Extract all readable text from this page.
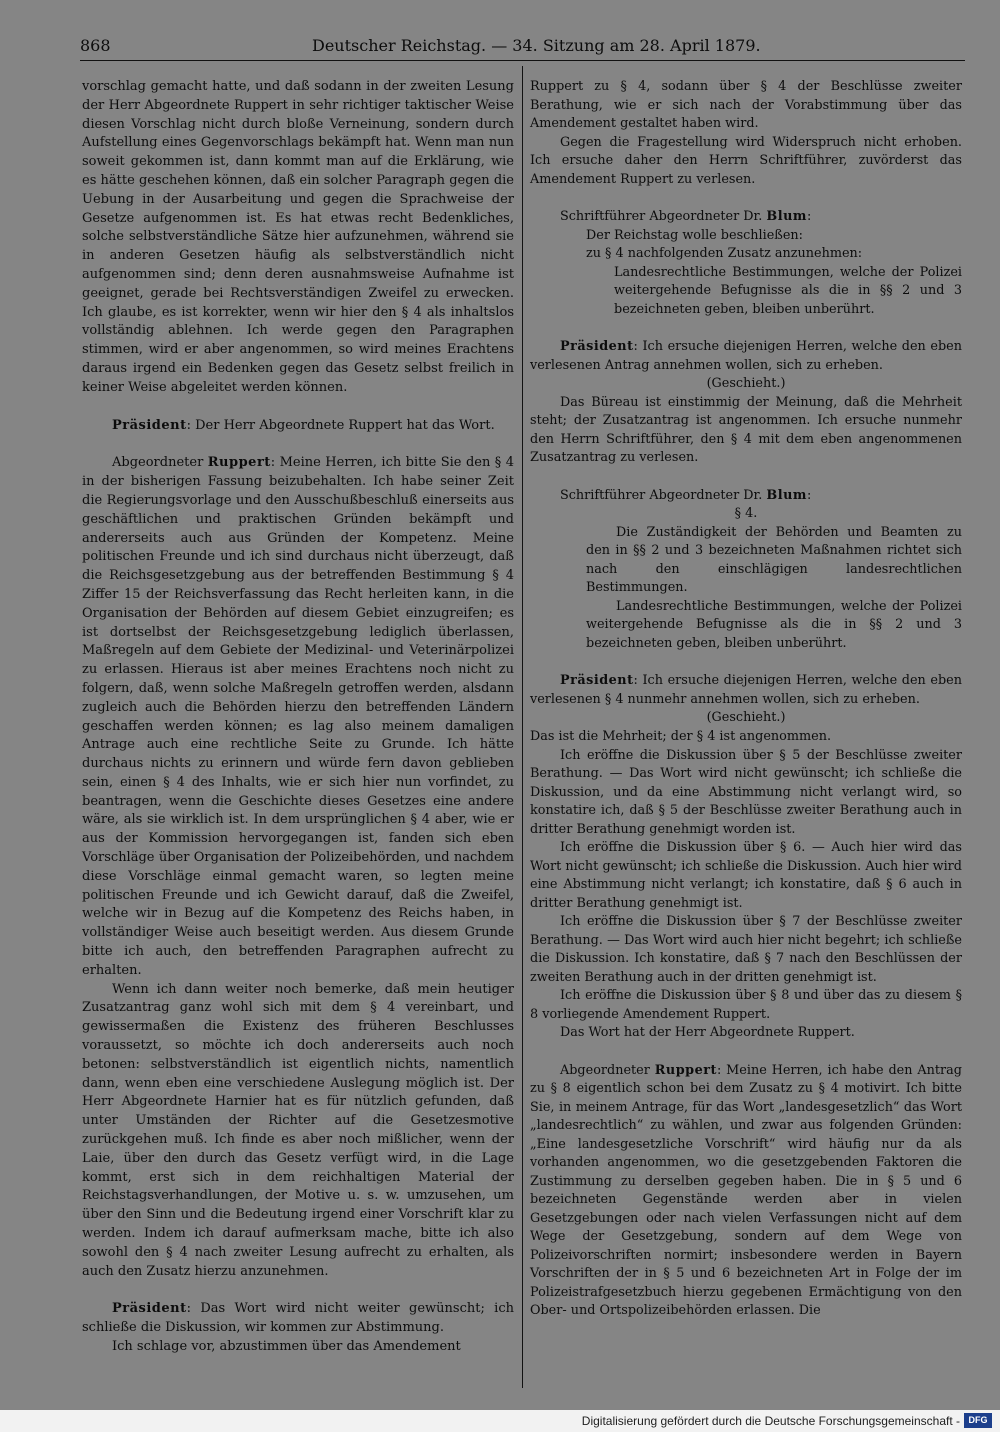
868	Deutscher Reichstag. — 34. Sitzung am 28. April 1879.

vorschlag gemacht hatte, und daß sodann in der zweiten Lesung der Herr Abgeordnete Ruppert in sehr richtiger taktischer Weise diesen Vorschlag nicht durch bloße Verneinung, sondern durch Aufstellung eines Gegenvorschlags bekämpft hat. Wenn man nun soweit gekommen ist, dann kommt man auf die Erklärung, wie es hätte geschehen können, daß ein solcher Paragraph gegen die Uebung in der Ausarbeitung und gegen die Sprachweise der Gesetze aufgenommen ist. Es hat etwas recht Bedenkliches, solche selbstverständliche Sätze hier aufzunehmen, während sie in anderen Gesetzen häufig als selbstverständlich nicht aufgenommen sind; denn deren ausnahmsweise Aufnahme ist geeignet, gerade bei Rechtsverständigen Zweifel zu erwecken. Ich glaube, es ist korrekter, wenn wir hier den § 4 als inhaltslos vollständig ablehnen. Ich werde gegen den Paragraphen stimmen, wird er aber angenommen, so wird meines Erachtens daraus irgend ein Bedenken gegen das Gesetz selbst freilich in keiner Weise abgeleitet werden können.

Präsident: Der Herr Abgeordnete Ruppert hat das Wort.

Abgeordneter Ruppert: Meine Herren, ich bitte Sie den § 4 in der bisherigen Fassung beizubehalten. Ich habe seiner Zeit die Regierungsvorlage und den Ausschußbeschluß einerseits aus geschäftlichen und praktischen Gründen bekämpft und andererseits auch aus Gründen der Kompetenz. Meine politischen Freunde und ich sind durchaus nicht überzeugt, daß die Reichsgesetzgebung aus der betreffenden Bestimmung § 4 Ziffer 15 der Reichsverfassung das Recht herleiten kann, in die Organisation der Behörden auf diesem Gebiet einzugreifen; es ist dortselbst der Reichsgesetzgebung lediglich überlassen, Maßregeln auf dem Gebiete der Medizinal- und Veterinärpolizei zu erlassen. Hieraus ist aber meines Erachtens noch nicht zu folgern, daß, wenn solche Maßregeln getroffen werden, alsdann zugleich auch die Behörden hierzu den betreffenden Ländern geschaffen werden können; es lag also meinem damaligen Antrage auch eine rechtliche Seite zu Grunde. Ich hätte durchaus nichts zu erinnern und würde fern davon geblieben sein, einen § 4 des Inhalts, wie er sich hier nun vorfindet, zu beantragen, wenn die Geschichte dieses Gesetzes eine andere wäre, als sie wirklich ist. In dem ursprünglichen § 4 aber, wie er aus der Kommission hervorgegangen ist, fanden sich eben Vorschläge über Organisation der Polizeibehörden, und nachdem diese Vorschläge einmal gemacht waren, so legten meine politischen Freunde und ich Gewicht darauf, daß die Zweifel, welche wir in Bezug auf die Kompetenz des Reichs haben, in vollständiger Weise auch beseitigt werden. Aus diesem Grunde bitte ich auch, den betreffenden Paragraphen aufrecht zu erhalten.

Wenn ich dann weiter noch bemerke, daß mein heutiger Zusatzantrag ganz wohl sich mit dem § 4 vereinbart, und gewissermaßen die Existenz des früheren Beschlusses voraussetzt, so möchte ich doch andererseits auch noch betonen: selbstverständlich ist eigentlich nichts, namentlich dann, wenn eben eine verschiedene Auslegung möglich ist. Der Herr Abgeordnete Harnier hat es für nützlich gefunden, daß unter Umständen der Richter auf die Gesetzesmotive zurückgehen muß. Ich finde es aber noch mißlicher, wenn der Laie, über den durch das Gesetz verfügt wird, in die Lage kommt, erst sich in dem reichhaltigen Material der Reichstagsverhandlungen, der Motive u. s. w. umzusehen, um über den Sinn und die Bedeutung irgend einer Vorschrift klar zu werden. Indem ich darauf aufmerksam mache, bitte ich also sowohl den § 4 nach zweiter Lesung aufrecht zu erhalten, als auch den Zusatz hierzu anzunehmen.

Präsident: Das Wort wird nicht weiter gewünscht; ich schließe die Diskussion, wir kommen zur Abstimmung.

Ich schlage vor, abzustimmen über das Amendement

Ruppert zu § 4, sodann über § 4 der Beschlüsse zweiter Berathung, wie er sich nach der Vorabstimmung über das Amendement gestaltet haben wird.

Gegen die Fragestellung wird Widerspruch nicht erhoben. Ich ersuche daher den Herrn Schriftführer, zuvörderst das Amendement Ruppert zu verlesen.

Schriftführer Abgeordneter Dr. Blum:

Der Reichstag wolle beschließen:

zu § 4 nachfolgenden Zusatz anzunehmen:

Landesrechtliche Bestimmungen, welche der Polizei weitergehende Befugnisse als die in §§ 2 und 3 bezeichneten geben, bleiben unberührt.

Präsident: Ich ersuche diejenigen Herren, welche den eben verlesenen Antrag annehmen wollen, sich zu erheben.

(Geschieht.)

Das Büreau ist einstimmig der Meinung, daß die Mehrheit steht; der Zusatzantrag ist angenommen. Ich ersuche nunmehr den Herrn Schriftführer, den § 4 mit dem eben angenommenen Zusatzantrag zu verlesen.

Schriftführer Abgeordneter Dr. Blum:

§ 4.

Die Zuständigkeit der Behörden und Beamten zu den in §§ 2 und 3 bezeichneten Maßnahmen richtet sich nach den einschlägigen landesrechtlichen Bestimmungen.

Landesrechtliche Bestimmungen, welche der Polizei weitergehende Befugnisse als die in §§ 2 und 3 bezeichneten geben, bleiben unberührt.

Präsident: Ich ersuche diejenigen Herren, welche den eben verlesenen § 4 nunmehr annehmen wollen, sich zu erheben.

(Geschieht.)

Das ist die Mehrheit; der § 4 ist angenommen.

Ich eröffne die Diskussion über § 5 der Beschlüsse zweiter Berathung. — Das Wort wird nicht gewünscht; ich schließe die Diskussion, und da eine Abstimmung nicht verlangt wird, so konstatire ich, daß § 5 der Beschlüsse zweiter Berathung auch in dritter Berathung genehmigt worden ist.

Ich eröffne die Diskussion über § 6. — Auch hier wird das Wort nicht gewünscht; ich schließe die Diskussion. Auch hier wird eine Abstimmung nicht verlangt; ich konstatire, daß § 6 auch in dritter Berathung genehmigt ist.

Ich eröffne die Diskussion über § 7 der Beschlüsse zweiter Berathung. — Das Wort wird auch hier nicht begehrt; ich schließe die Diskussion. Ich konstatire, daß § 7 nach den Beschlüssen der zweiten Berathung auch in der dritten genehmigt ist.

Ich eröffne die Diskussion über § 8 und über das zu diesem § 8 vorliegende Amendement Ruppert.

Das Wort hat der Herr Abgeordnete Ruppert.

Abgeordneter Ruppert: Meine Herren, ich habe den Antrag zu § 8 eigentlich schon bei dem Zusatz zu § 4 motivirt. Ich bitte Sie, in meinem Antrage, für das Wort „landesgesetzlich“ das Wort „landesrechtlich“ zu wählen, und zwar aus folgenden Gründen: „Eine landesgesetzliche Vorschrift“ wird häufig nur da als vorhanden angenommen, wo die gesetzgebenden Faktoren die Zustimmung zu derselben gegeben haben. Die in § 5 und 6 bezeichneten Gegenstände werden aber in vielen Gesetzgebungen oder nach vielen Verfassungen nicht auf dem Wege der Gesetzgebung, sondern auf dem Wege von Polizeivorschriften normirt; insbesondere werden in Bayern Vorschriften der in § 5 und 6 bezeichneten Art in Folge der im Polizeistrafgesetzbuch hierzu gegebenen Ermächtigung von den Ober- und Ortspolizeibehörden erlassen. Die

Digitalisierung gefördert durch die Deutsche Forschungsgemeinschaft - DFG
